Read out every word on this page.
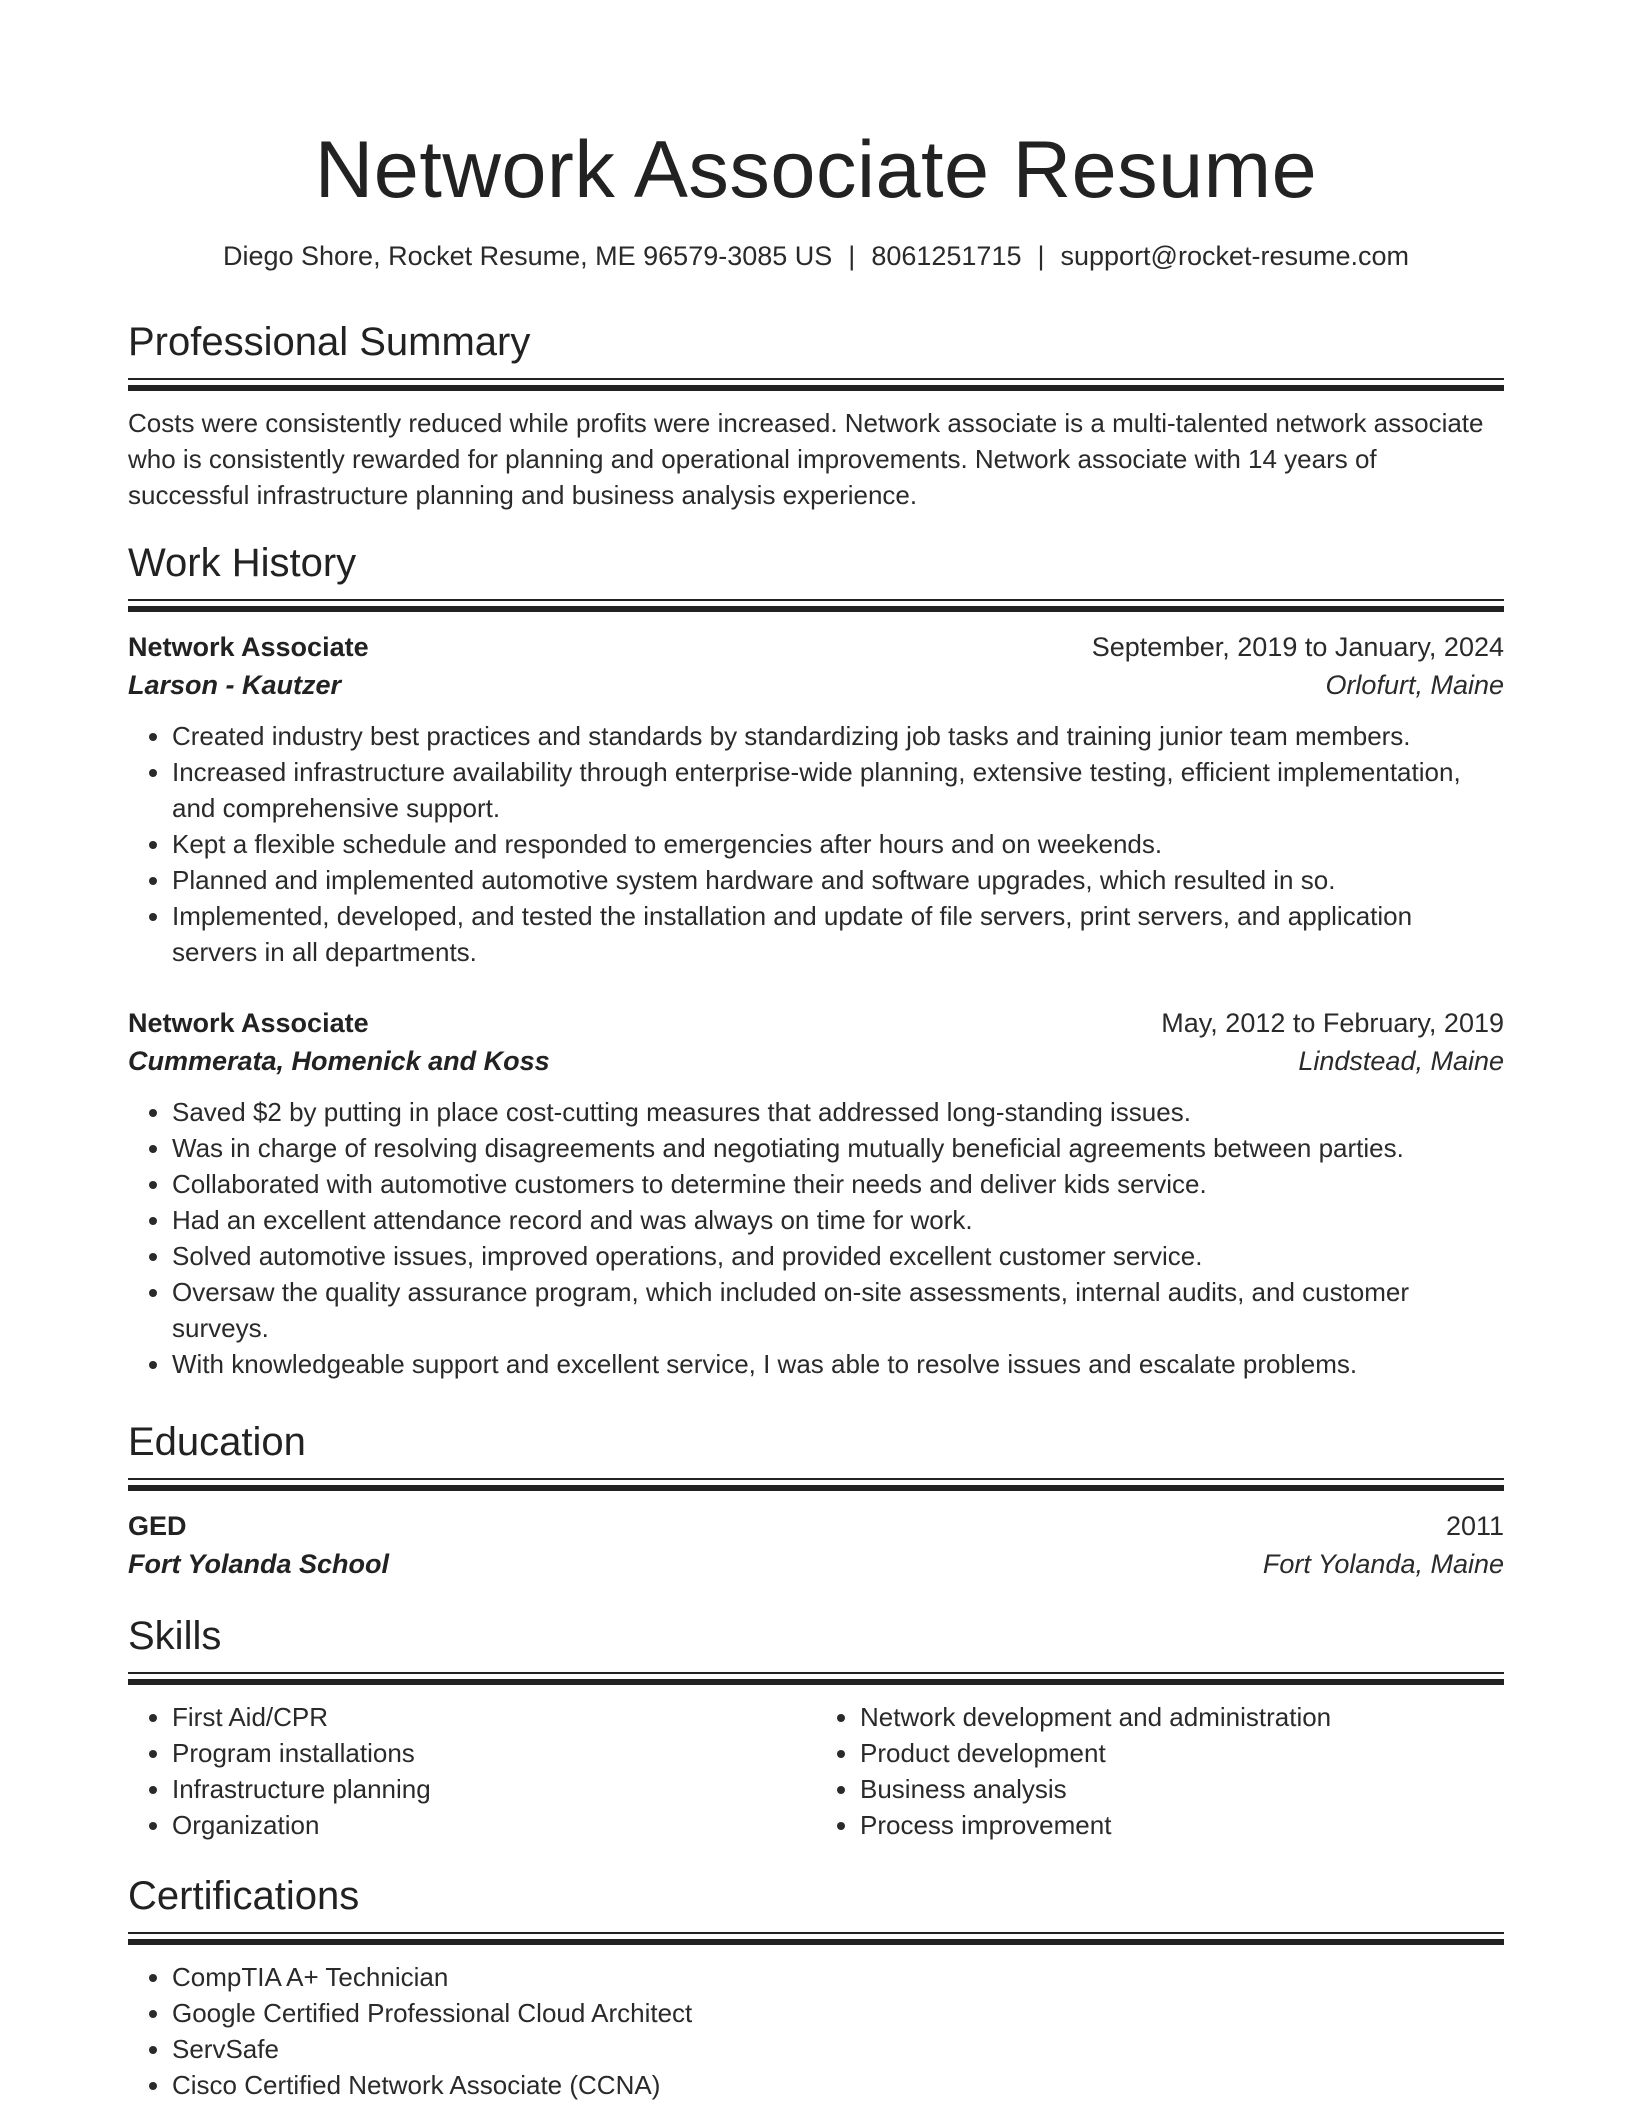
Network Associate Resume
Diego Shore, Rocket Resume, ME 96579-3085 US | 8061251715 | support@rocket-resume.com
Professional Summary
Costs were consistently reduced while profits were increased. Network associate is a multi-talented network associate who is consistently rewarded for planning and operational improvements. Network associate with 14 years of successful infrastructure planning and business analysis experience.
Work History
Network Associate	September, 2019 to January, 2024
Larson - Kautzer	Orlofurt, Maine
• Created industry best practices and standards by standardizing job tasks and training junior team members.
• Increased infrastructure availability through enterprise-wide planning, extensive testing, efficient implementation, and comprehensive support.
• Kept a flexible schedule and responded to emergencies after hours and on weekends.
• Planned and implemented automotive system hardware and software upgrades, which resulted in so.
• Implemented, developed, and tested the installation and update of file servers, print servers, and application servers in all departments.
Network Associate	May, 2012 to February, 2019
Cummerata, Homenick and Koss	Lindstead, Maine
• Saved $2 by putting in place cost-cutting measures that addressed long-standing issues.
• Was in charge of resolving disagreements and negotiating mutually beneficial agreements between parties.
• Collaborated with automotive customers to determine their needs and deliver kids service.
• Had an excellent attendance record and was always on time for work.
• Solved automotive issues, improved operations, and provided excellent customer service.
• Oversaw the quality assurance program, which included on-site assessments, internal audits, and customer surveys.
• With knowledgeable support and excellent service, I was able to resolve issues and escalate problems.
Education
GED	2011
Fort Yolanda School	Fort Yolanda, Maine
Skills
• First Aid/CPR
• Program installations
• Infrastructure planning
• Organization
• Network development and administration
• Product development
• Business analysis
• Process improvement
Certifications
• CompTIA A+ Technician
• Google Certified Professional Cloud Architect
• ServSafe
• Cisco Certified Network Associate (CCNA)
